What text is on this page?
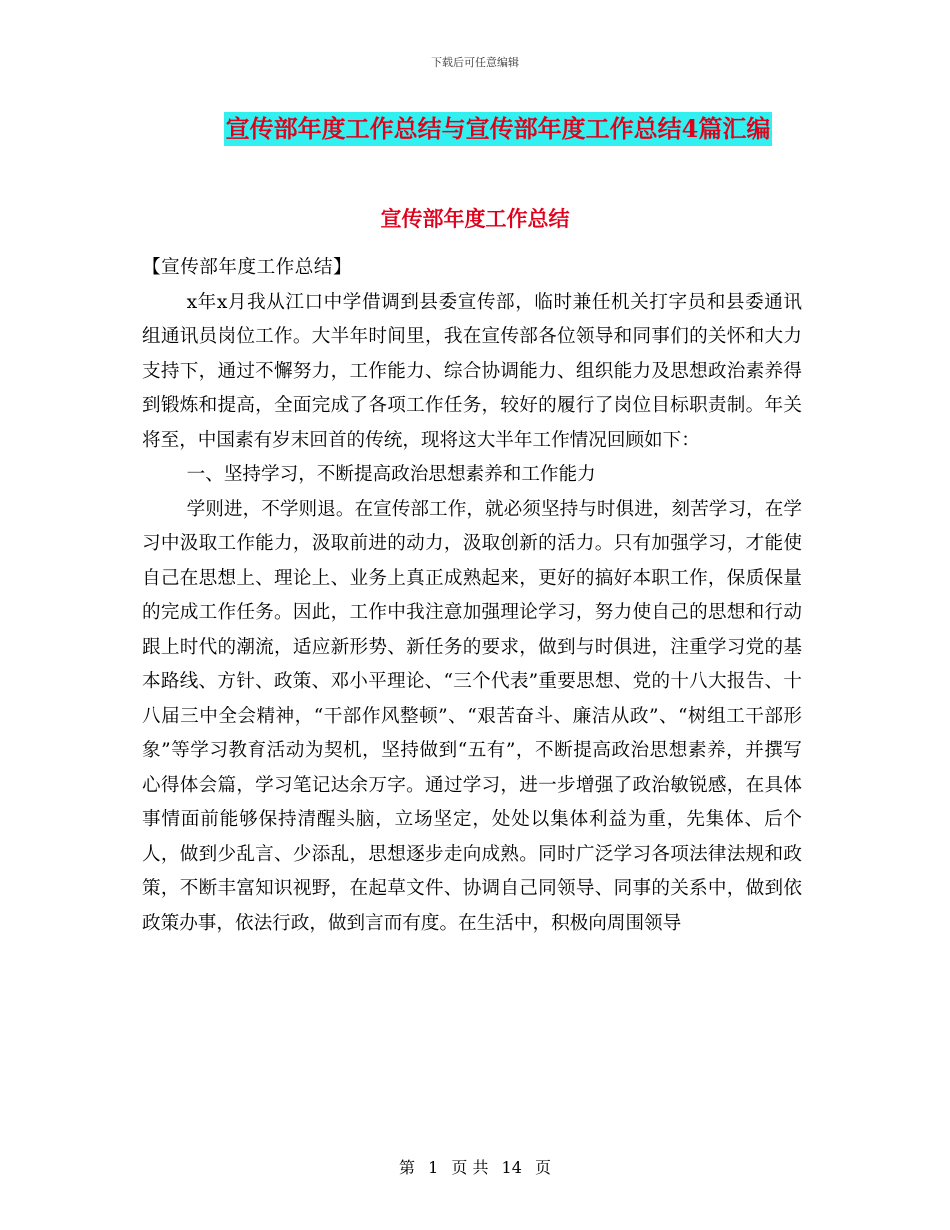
下载后可任意编辑
宣传部年度工作总结与宣传部年度工作总结4篇汇编
宣传部年度工作总结

【宣传部年度工作总结】

x年x月我从江口中学借调到县委宣传部，临时兼任机关打字员和县委通讯组通讯员岗位工作。大半年时间里，我在宣传部各位领导和同事们的关怀和大力支持下，通过不懈努力，工作能力、综合协调能力、组织能力及思想政治素养得到锻炼和提高，全面完成了各项工作任务，较好的履行了岗位目标职责制。年关将至，中国素有岁末回首的传统，现将这大半年工作情况回顾如下：

一、坚持学习，不断提高政治思想素养和工作能力

学则进，不学则退。在宣传部工作，就必须坚持与时俱进，刻苦学习，在学习中汲取工作能力，汲取前进的动力，汲取创新的活力。只有加强学习，才能使自己在思想上、理论上、业务上真正成熟起来，更好的搞好本职工作，保质保量的完成工作任务。因此，工作中我注意加强理论学习，努力使自己的思想和行动跟上时代的潮流，适应新形势、新任务的要求，做到与时俱进，注重学习党的基本路线、方针、政策、邓小平理论、“三个代表”重要思想、党的十八大报告、十八届三中全会精神，“干部作风整顿”、“艰苦奋斗、廉洁从政”、“树组工干部形象”等学习教育活动为契机，坚持做到“五有”，不断提高政治思想素养，并撰写心得体会篇，学习笔记达余万字。通过学习，进一步增强了政治敏锐感，在具体事情面前能够保持清醒头脑，立场坚定，处处以集体利益为重，先集体、后个人，做到少乱言、少添乱，思想逐步走向成熟。同时广泛学习各项法律法规和政策，不断丰富知识视野，在起草文件、协调自己同领导、同事的关系中，做到依政策办事，依法行政，做到言而有度。在生活中，积极向周围领导

第 1 页 共 14 页
